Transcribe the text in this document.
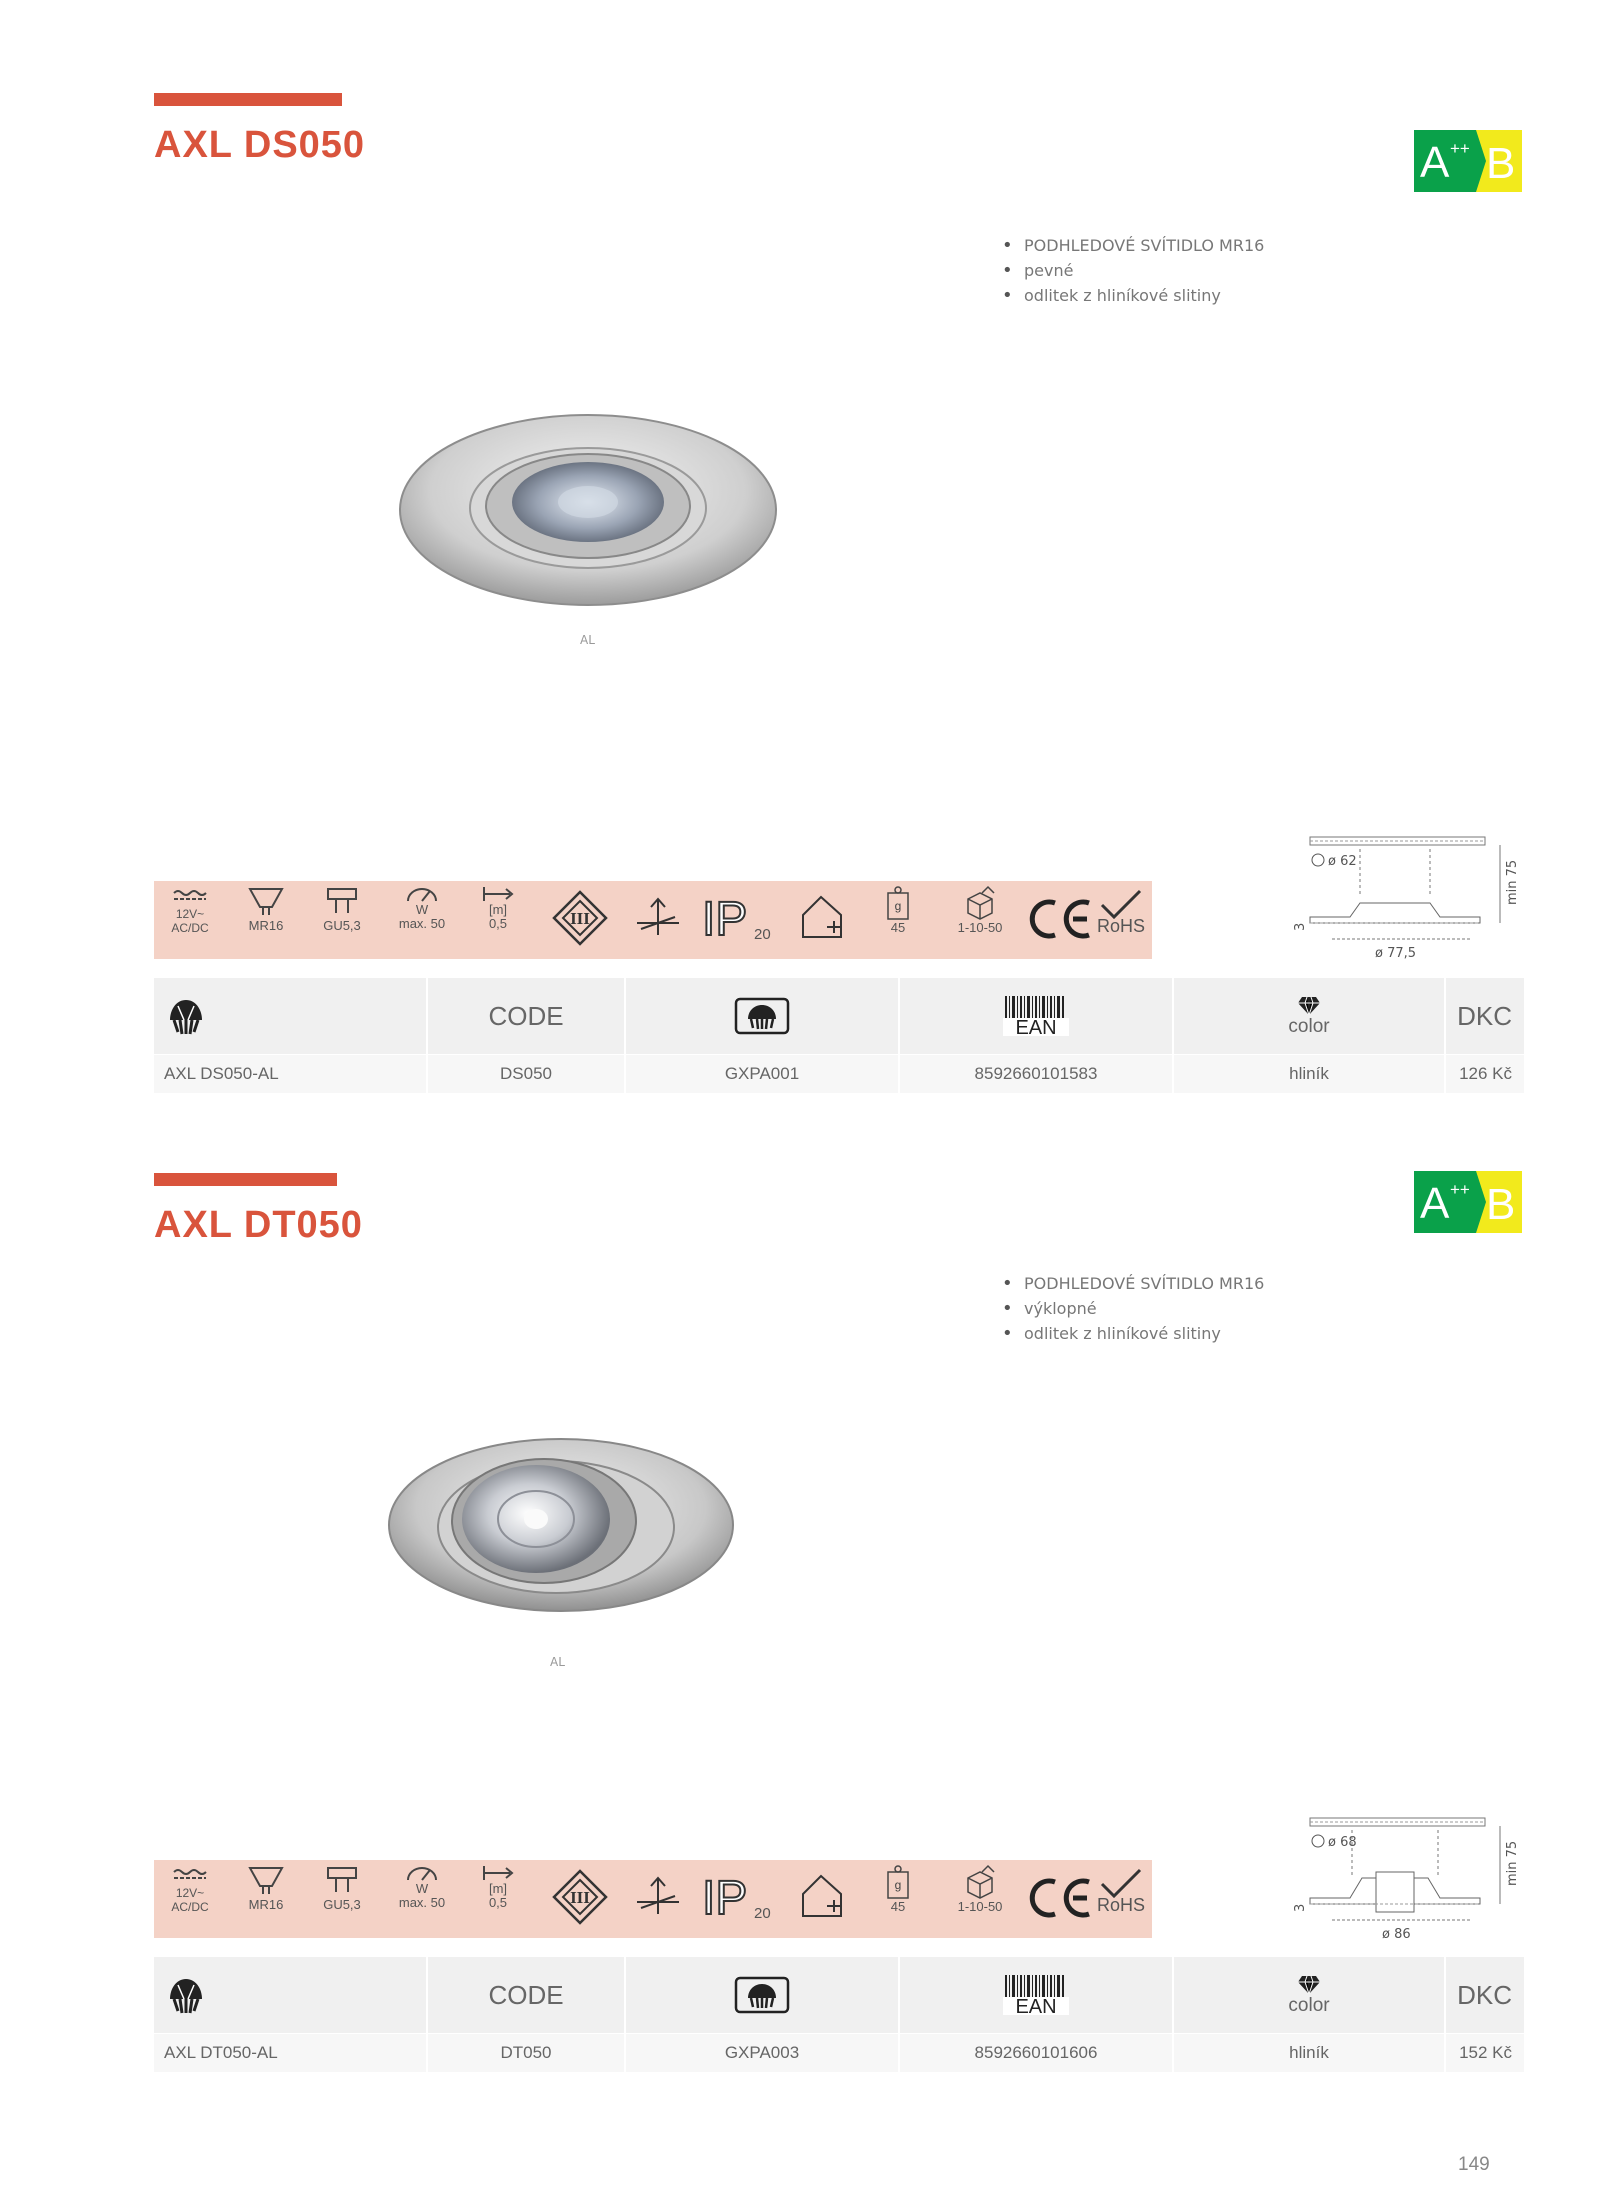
AXL DS050	A ++ B
• PODHLEDOVÉ SVÍTIDLO MR16
• pevné
• odlitek z hliníkové slitiny
AL
ø 62	min 75
3
ø 77,5
12V~
AC/DC	MR16	GU5,3
W
max. 50
[m]
0,5	III IP 20
g
45	1-10-50	RoHS
CODE	EAN	color	DKC
AXL DS050-AL	DS050	GXPA001	8592660101583	hliník	126 Kč
AXL DT050	A ++ B
• PODHLEDOVÉ SVÍTIDLO MR16
• výklopné
• odlitek z hliníkové slitiny
AL
ø 68	min 75
3
ø 86
12V~
AC/DC	MR16	GU5,3
W
max. 50
[m]
0,5	III IP 20
g
45	1-10-50	RoHS
CODE	EAN	color	DKC
AXL DT050-AL	DT050	GXPA003	8592660101606	hliník	152 Kč
149
